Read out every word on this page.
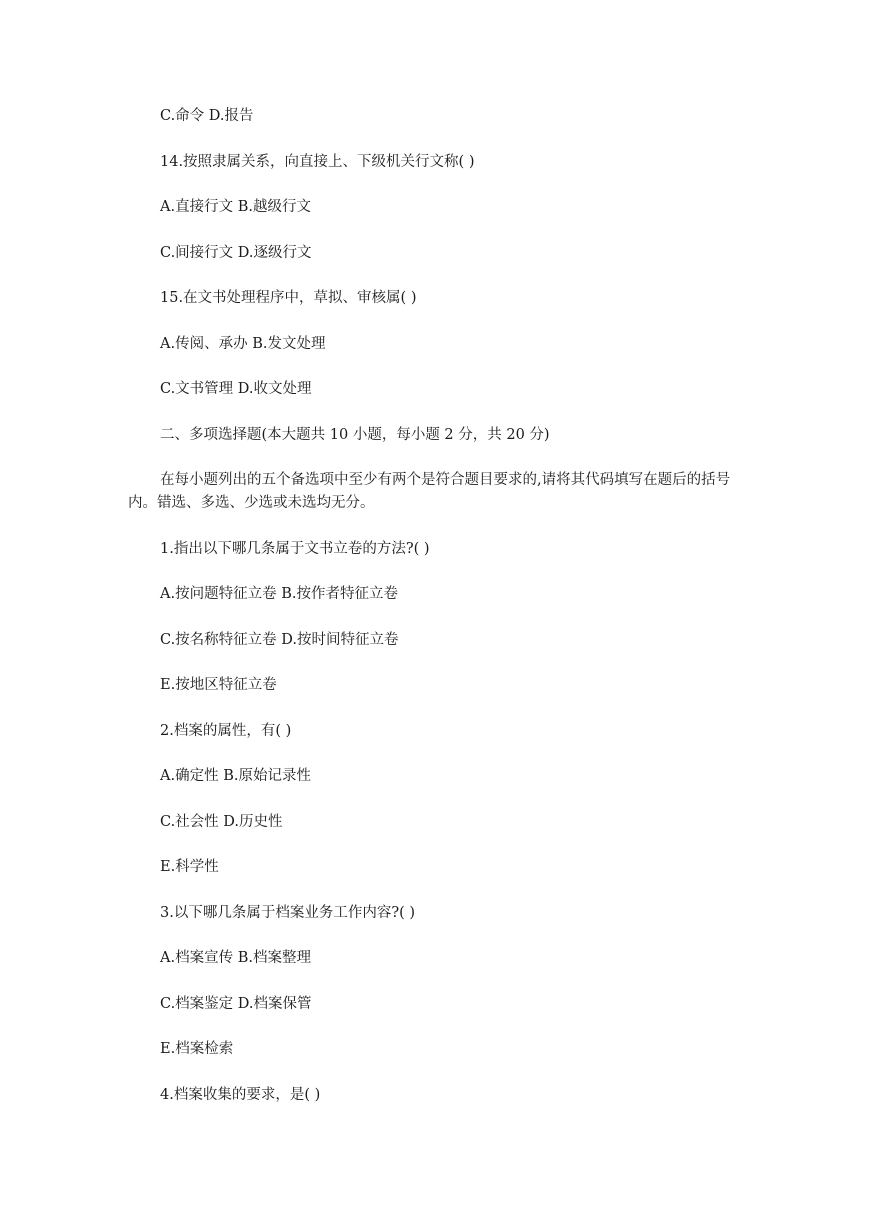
C.命令 D.报告
14.按照隶属关系，向直接上、下级机关行文称( )
A.直接行文 B.越级行文
C.间接行文 D.逐级行文
15.在文书处理程序中，草拟、审核属( )
A.传阅、承办 B.发文处理
C.文书管理 D.收文处理
二、多项选择题(本大题共 10 小题，每小题 2 分，共 20 分)
在每小题列出的五个备选项中至少有两个是符合题目要求的,请将其代码填写在题后的括号内。错选、多选、少选或未选均无分。
1.指出以下哪几条属于文书立卷的方法?( )
A.按问题特征立卷 B.按作者特征立卷
C.按名称特征立卷 D.按时间特征立卷
E.按地区特征立卷
2.档案的属性，有( )
A.确定性 B.原始记录性
C.社会性 D.历史性
E.科学性
3.以下哪几条属于档案业务工作内容?( )
A.档案宣传 B.档案整理
C.档案鉴定 D.档案保管
E.档案检索
4.档案收集的要求，是( )
